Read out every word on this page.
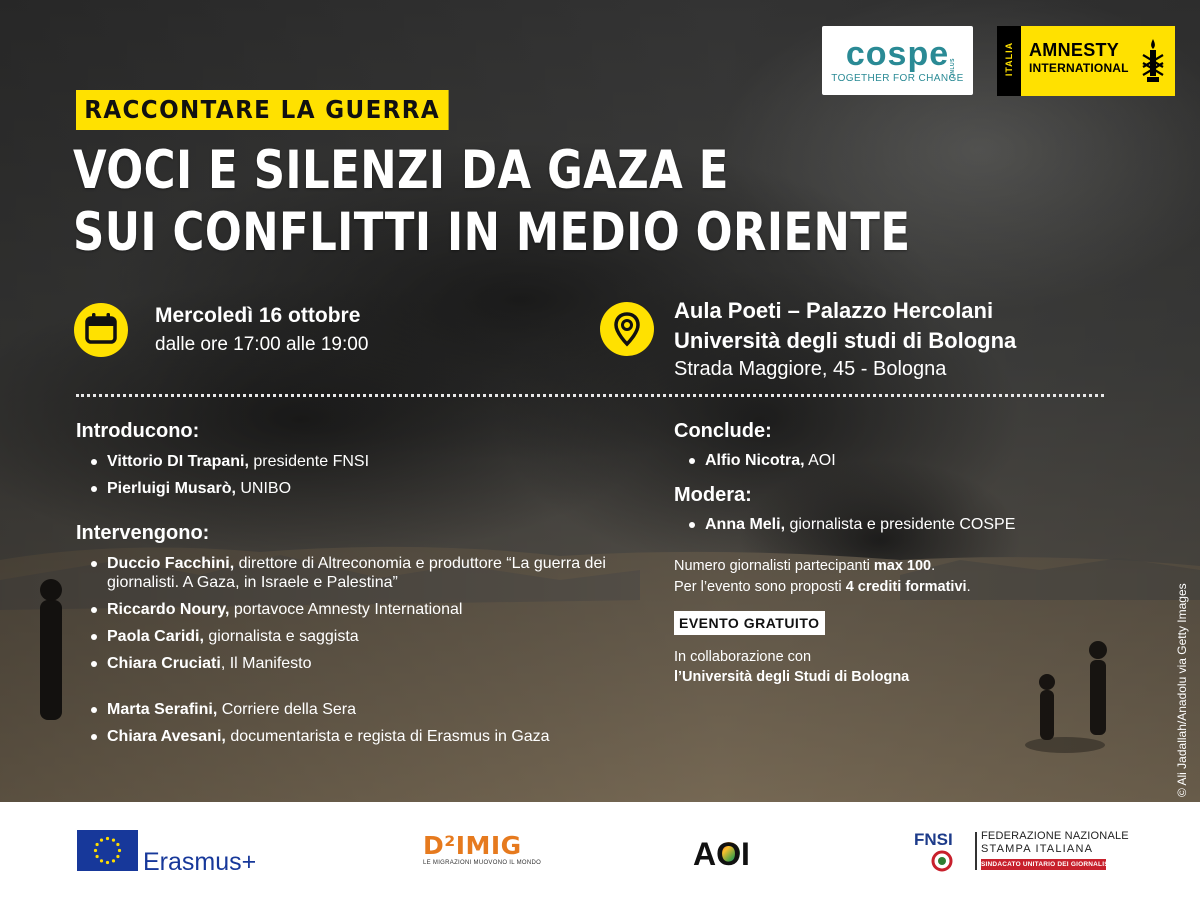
cospe ONLUS
TOGETHER FOR CHANGE
ITALIA AMNESTY
INTERNATIONAL
RACCONTARE LA GUERRA
VOCI E SILENZI DA GAZA E
SUI CONFLITTI IN MEDIO ORIENTE
Mercoledì 16 ottobre
dalle ore 17:00 alle 19:00
Aula Poeti – Palazzo Hercolani
Università degli studi di Bologna
Strada Maggiore, 45 - Bologna
Introducono:
Vittorio DI Trapani, presidente FNSI
Pierluigi Musarò, UNIBO
Intervengono:
Duccio Facchini, direttore di Altreconomia e produttore “La guerra dei giornalisti. A Gaza, in Israele e Palestina”
Riccardo Noury, portavoce Amnesty International
Paola Caridi, giornalista e saggista
Chiara Cruciati, Il Manifesto
Marta Serafini, Corriere della Sera
Chiara Avesani, documentarista e regista di Erasmus in Gaza
Conclude:
Alfio Nicotra, AOI
Modera:
Anna Meli, giornalista e presidente COSPE
Numero giornalisti partecipanti max 100.
Per l’evento sono proposti 4 crediti formativi.
EVENTO GRATUITO
In collaborazione con
l’Università degli Studi di Bologna	© Ali Jadallah/Anadolu via Getty Images
Erasmus+
D²IMIG
LE MIGRAZIONI MUOVONO IL MONDO	AOI	FNSI	FEDERAZIONE NAZIONALE
STAMPA ITALIANA
SINDACATO UNITARIO DEI GIORNALISTI ITALIANI
